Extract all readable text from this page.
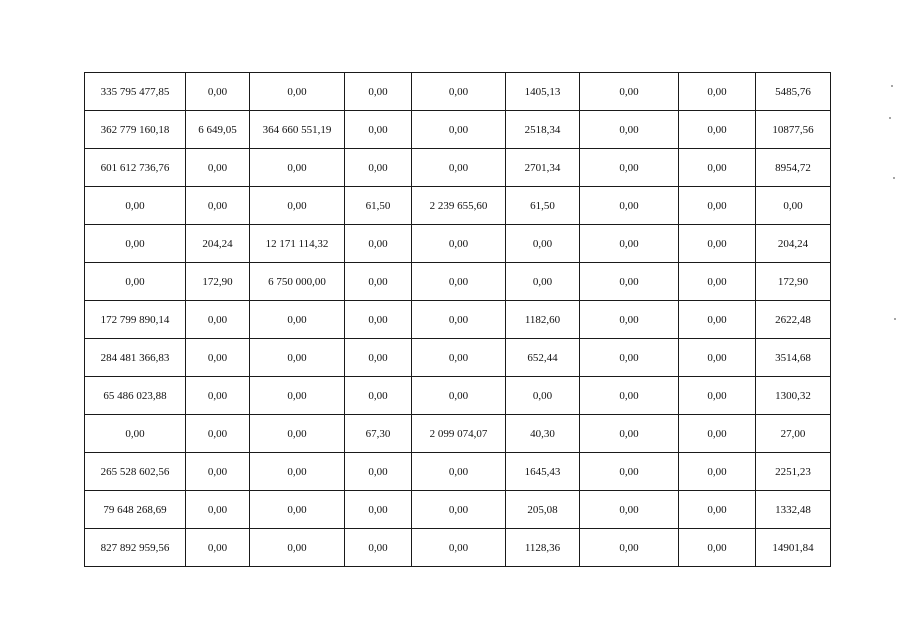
335 795 477,85	0,00	0,00	0,00	0,00	1405,13	0,00	0,00	5485,76
362 779 160,18	6 649,05	364 660 551,19	0,00	0,00	2518,34	0,00	0,00	10877,56
601 612 736,76	0,00	0,00	0,00	0,00	2701,34	0,00	0,00	8954,72
0,00	0,00	0,00	61,50	2 239 655,60	61,50	0,00	0,00	0,00
0,00	204,24	12 171 114,32	0,00	0,00	0,00	0,00	0,00	204,24
0,00	172,90	6 750 000,00	0,00	0,00	0,00	0,00	0,00	172,90
172 799 890,14	0,00	0,00	0,00	0,00	1182,60	0,00	0,00	2622,48
284 481 366,83	0,00	0,00	0,00	0,00	652,44	0,00	0,00	3514,68
65 486 023,88	0,00	0,00	0,00	0,00	0,00	0,00	0,00	1300,32
0,00	0,00	0,00	67,30	2 099 074,07	40,30	0,00	0,00	27,00
265 528 602,56	0,00	0,00	0,00	0,00	1645,43	0,00	0,00	2251,23
79 648 268,69	0,00	0,00	0,00	0,00	205,08	0,00	0,00	1332,48
827 892 959,56	0,00	0,00	0,00	0,00	1128,36	0,00	0,00	14901,84
